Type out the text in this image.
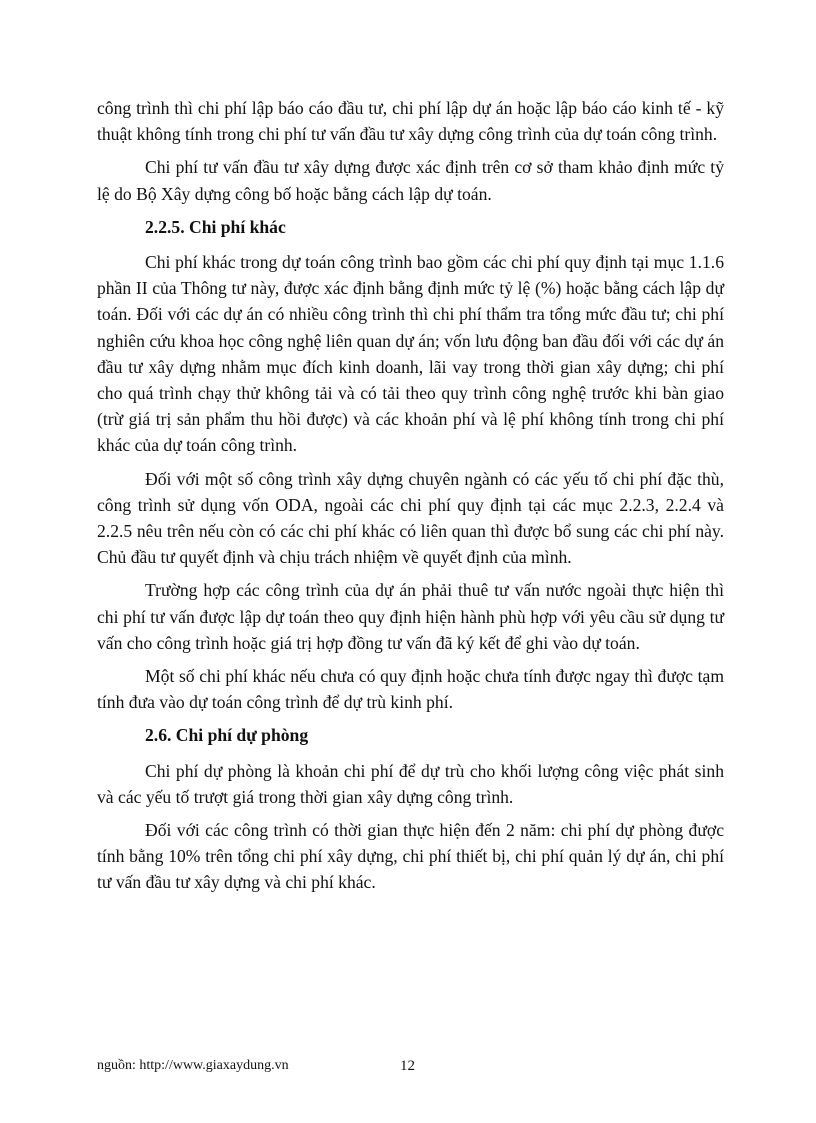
công trình thì chi phí lập báo cáo đầu tư, chi phí lập dự án hoặc lập báo cáo kinh tế - kỹ thuật không tính trong chi phí tư vấn đầu tư xây dựng công trình của dự toán công trình.

Chi phí tư vấn đầu tư xây dựng được xác định trên cơ sở tham khảo định mức tỷ lệ do Bộ Xây dựng công bố hoặc bằng cách lập dự toán.

2.2.5. Chi phí khác

Chi phí khác trong dự toán công trình bao gồm các chi phí quy định tại mục 1.1.6 phần II của Thông tư này, được xác định bằng định mức tỷ lệ (%) hoặc bằng cách lập dự toán. Đối với các dự án có nhiều công trình thì chi phí thẩm tra tổng mức đầu tư; chi phí nghiên cứu khoa học công nghệ liên quan dự án; vốn lưu động ban đầu đối với các dự án đầu tư xây dựng nhằm mục đích kinh doanh, lãi vay trong thời gian xây dựng; chi phí cho quá trình chạy thử không tải và có tải theo quy trình công nghệ trước khi bàn giao (trừ giá trị sản phẩm thu hồi được) và các khoản phí và lệ phí không tính trong chi phí khác của dự toán công trình.

Đối với một số công trình xây dựng chuyên ngành có các yếu tố chi phí đặc thù, công trình sử dụng vốn ODA, ngoài các chi phí quy định tại các mục 2.2.3, 2.2.4 và 2.2.5 nêu trên nếu còn có các chi phí khác có liên quan thì được bổ sung các chi phí này. Chủ đầu tư quyết định và chịu trách nhiệm về quyết định của mình.

Trường hợp các công trình của dự án phải thuê tư vấn nước ngoài thực hiện thì chi phí tư vấn được lập dự toán theo quy định hiện hành phù hợp với yêu cầu sử dụng tư vấn cho công trình hoặc giá trị hợp đồng tư vấn đã ký kết để ghi vào dự toán.

Một số chi phí khác nếu chưa có quy định hoặc chưa tính được ngay thì được tạm tính đưa vào dự toán công trình để dự trù kinh phí.

2.6. Chi phí dự phòng

Chi phí dự phòng là khoản chi phí để dự trù cho khối lượng công việc phát sinh và các yếu tố trượt giá trong thời gian xây dựng công trình.

Đối với các công trình có thời gian thực hiện đến 2 năm: chi phí dự phòng được tính bằng 10% trên tổng chi phí xây dựng, chi phí thiết bị, chi phí quản lý dự án, chi phí tư vấn đầu tư xây dựng và chi phí khác.

nguồn: http://www.giaxaydung.vn	12
